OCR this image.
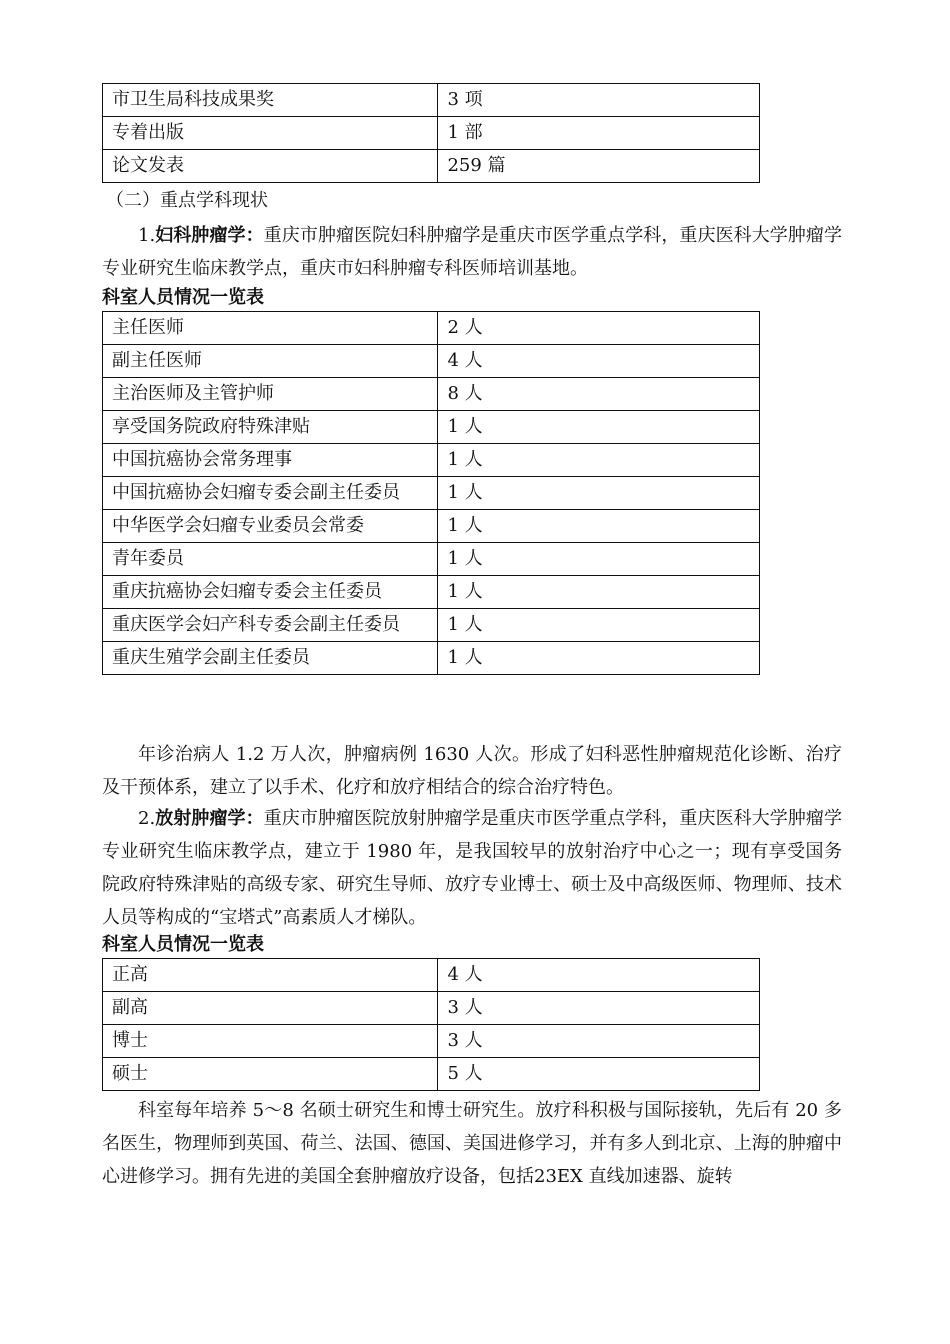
市卫生局科技成果奖	3 项
专着出版	1 部
论文发表	259 篇
（二）重点学科现状
1.妇科肿瘤学：重庆市肿瘤医院妇科肿瘤学是重庆市医学重点学科，重庆医科大学肿瘤学专业研究生临床教学点，重庆市妇科肿瘤专科医师培训基地。
科室人员情况一览表
主任医师	2 人
副主任医师	4 人
主治医师及主管护师	8 人
享受国务院政府特殊津贴	1 人
中国抗癌协会常务理事	1 人
中国抗癌协会妇瘤专委会副主任委员	1 人
中华医学会妇瘤专业委员会常委	1 人
青年委员	1 人
重庆抗癌协会妇瘤专委会主任委员	1 人
重庆医学会妇产科专委会副主任委员	1 人
重庆生殖学会副主任委员	1 人
年诊治病人 1.2 万人次，肿瘤病例 1630 人次。形成了妇科恶性肿瘤规范化诊断、治疗及干预体系，建立了以手术、化疗和放疗相结合的综合治疗特色。
2.放射肿瘤学：重庆市肿瘤医院放射肿瘤学是重庆市医学重点学科，重庆医科大学肿瘤学专业研究生临床教学点，建立于 1980 年，是我国较早的放射治疗中心之一；现有享受国务院政府特殊津贴的高级专家、研究生导师、放疗专业博士、硕士及中高级医师、物理师、技术人员等构成的“宝塔式”高素质人才梯队。
科室人员情况一览表
正高	4 人
副高	3 人
博士	3 人
硕士	5 人
科室每年培养 5～8 名硕士研究生和博士研究生。放疗科积极与国际接轨，先后有 20 多名医生，物理师到英国、荷兰、法国、德国、美国进修学习，并有多人到北京、上海的肿瘤中心进修学习。拥有先进的美国全套肿瘤放疗设备，包括23EX 直线加速器、旋转
